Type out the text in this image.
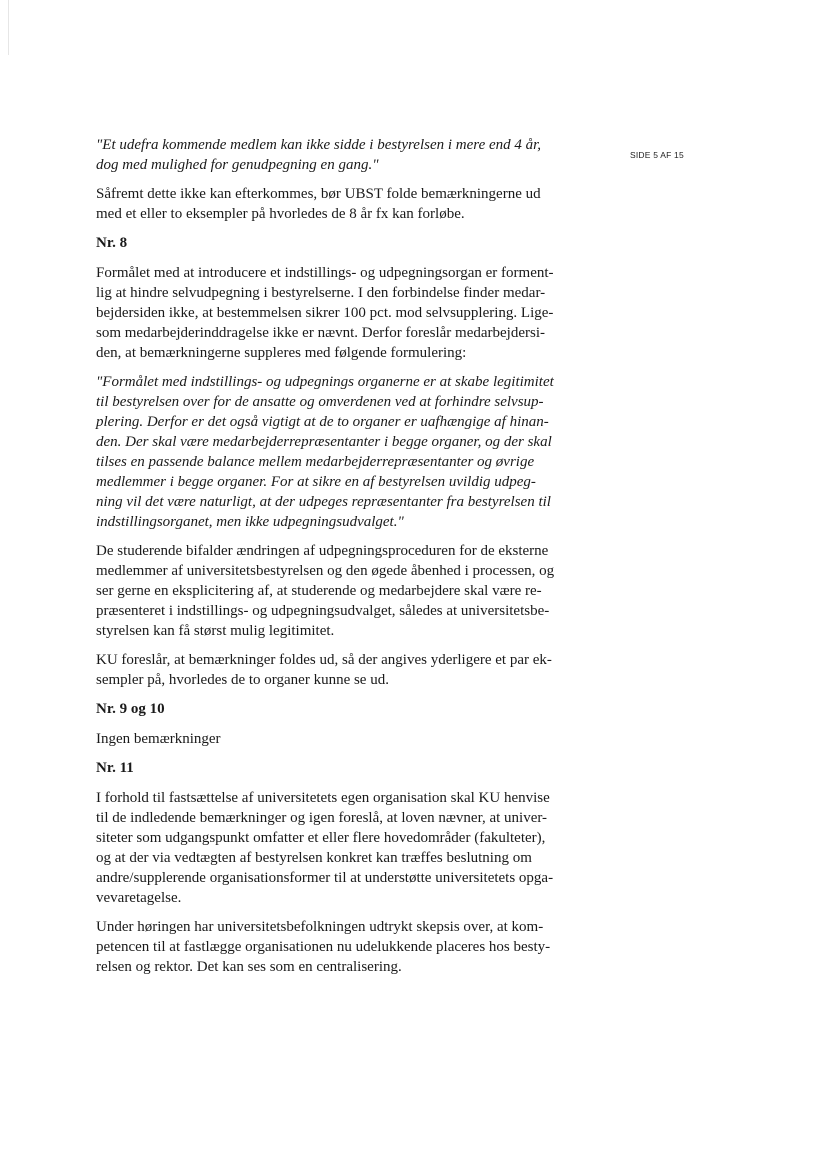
SIDE 5 AF 15
"Et udefra kommende medlem kan ikke sidde i bestyrelsen i mere end 4 år,
dog med mulighed for genudpegning en gang."
Såfremt dette ikke kan efterkommes, bør UBST folde bemærkningerne ud
med et eller to eksempler på hvorledes de 8 år fx kan forløbe.
Nr. 8
Formålet med at introducere et indstillings- og udpegningsorgan er forment-
lig at hindre selvudpegning i bestyrelserne. I den forbindelse finder medar-
bejdersiden ikke, at bestemmelsen sikrer 100 pct. mod selvsupplering. Lige-
som medarbejderinddragelse ikke er nævnt. Derfor foreslår medarbejdersi-
den, at bemærkningerne suppleres med følgende formulering:
"Formålet med indstillings- og udpegnings organerne er at skabe legitimitet
til bestyrelsen over for de ansatte og omverdenen ved at forhindre selvsup-
plering. Derfor er det også vigtigt at de to organer er uafhængige af hinan-
den. Der skal være medarbejderrepræsentanter i begge organer, og der skal
tilses en passende balance mellem medarbejderrepræsentanter og øvrige
medlemmer i begge organer. For at sikre en af bestyrelsen uvildig udpeg-
ning vil det være naturligt, at der udpeges repræsentanter fra bestyrelsen til
indstillingsorganet, men ikke udpegningsudvalget."
De studerende bifalder ændringen af udpegningsproceduren for de eksterne
medlemmer af universitetsbestyrelsen og den øgede åbenhed i processen, og
ser gerne en eksplicitering af, at studerende og medarbejdere skal være re-
præsenteret i indstillings- og udpegningsudvalget, således at universitetsbe-
styrelsen kan få størst mulig legitimitet.
KU foreslår, at bemærkninger foldes ud, så der angives yderligere et par ek-
sempler på, hvorledes de to organer kunne se ud.
Nr. 9 og 10
Ingen bemærkninger
Nr. 11
I forhold til fastsættelse af universitetets egen organisation skal KU henvise
til de indledende bemærkninger og igen foreslå, at loven nævner, at univer-
siteter som udgangspunkt omfatter et eller flere hovedområder (fakulteter),
og at der via vedtægten af bestyrelsen konkret kan træffes beslutning om
andre/supplerende organisationsformer til at understøtte universitetets opga-
vevaretagelse.
Under høringen har universitetsbefolkningen udtrykt skepsis over, at kom-
petencen til at fastlægge organisationen nu udelukkende placeres hos besty-
relsen og rektor. Det kan ses som en centralisering.
